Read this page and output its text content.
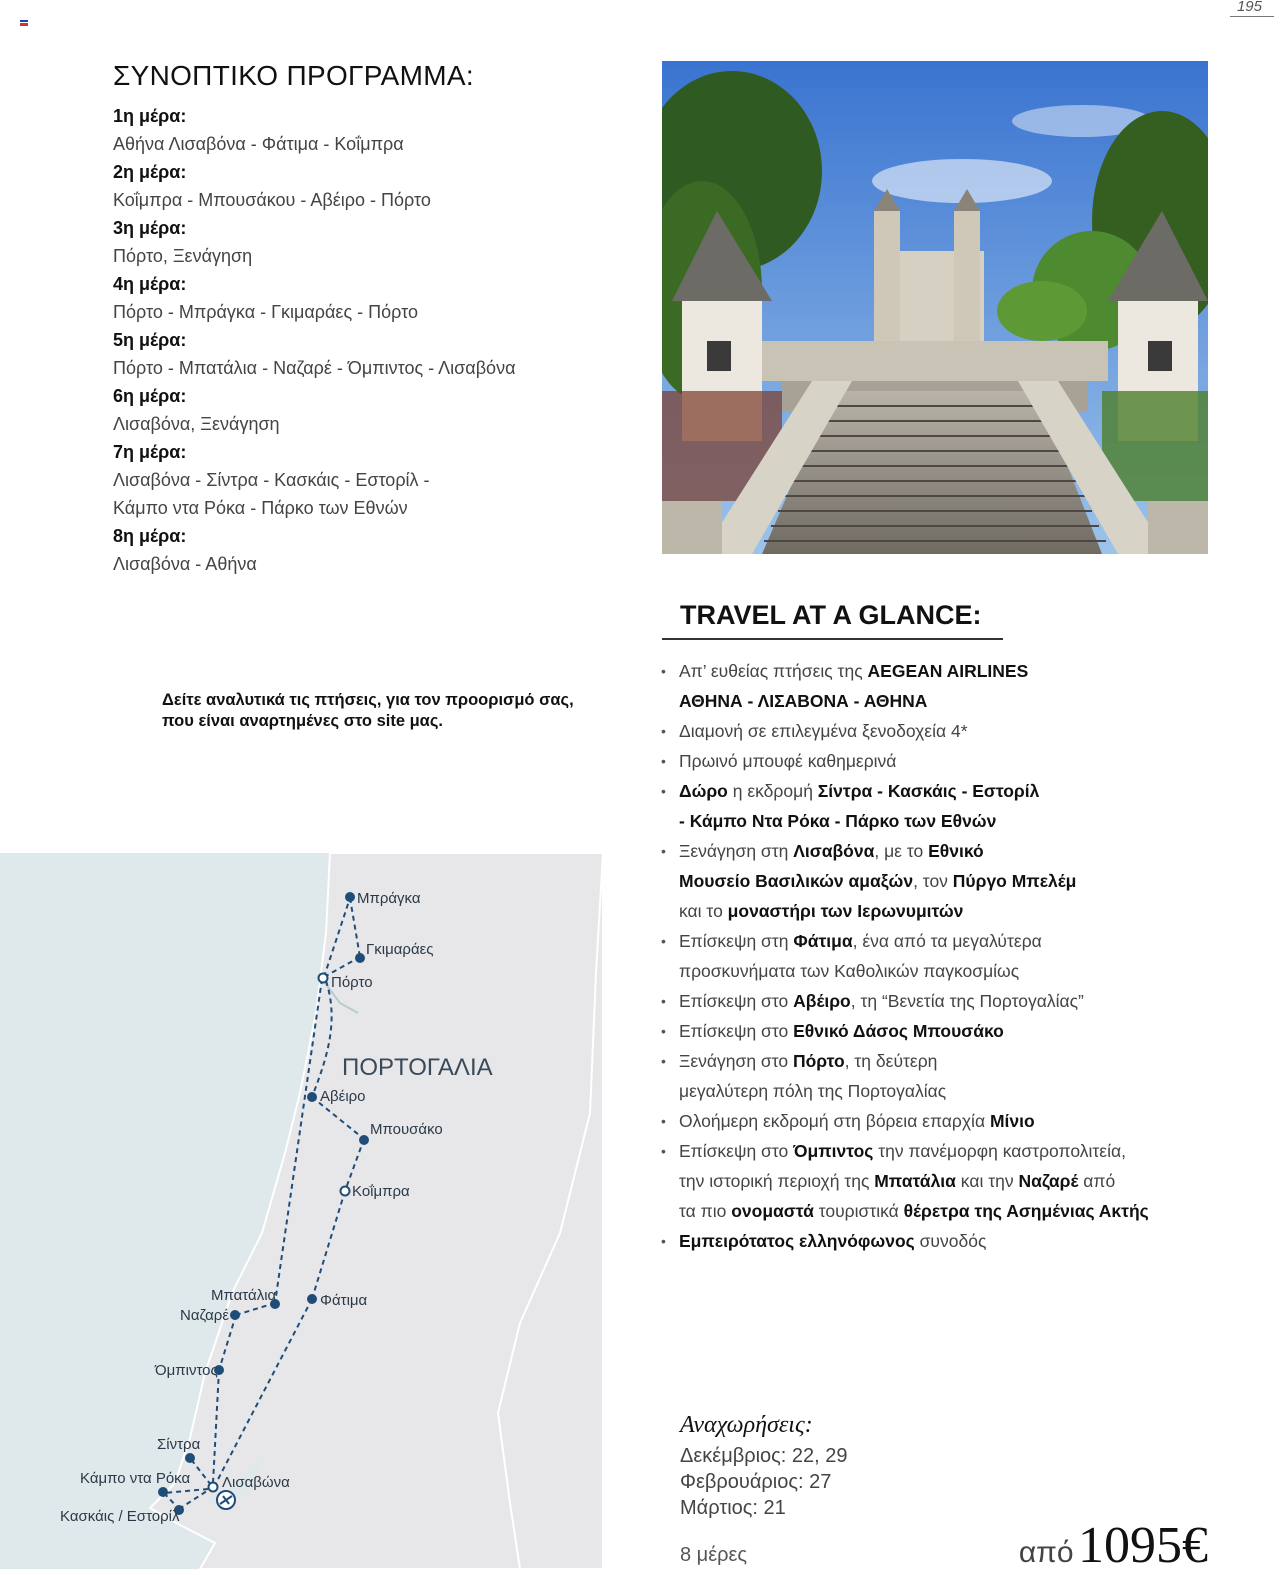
195
ΣΥΝΟΠΤΙΚΟ ΠΡΟΓΡΑΜΜΑ:
1η μέρα:
Αθήνα Λισαβόνα - Φάτιμα - Κοΐμπρα
2η μέρα:
Κοΐμπρα - Μπουσάκου - Αβέιρο - Πόρτο
3η μέρα:
Πόρτο, Ξενάγηση
4η μέρα:
Πόρτο - Μπράγκα - Γκιμαράες - Πόρτο
5η μέρα:
Πόρτο - Μπατάλια - Ναζαρέ - Όμπιντος - Λισαβόνα
6η μέρα:
Λισαβόνα, Ξενάγηση
7η μέρα:
Λισαβόνα - Σίντρα - Κασκάις - Εστορίλ -
Κάμπο ντα Ρόκα - Πάρκο των Εθνών
8η μέρα:
Λισαβόνα - Αθήνα
TRAVEL AT A GLANCE:
• Απ’ ευθείας πτήσεις της AEGEAN AIRLINES
ΑΘΗΝΑ - ΛΙΣΑΒΟΝΑ - ΑΘΗΝΑ
• Διαμονή σε επιλεγμένα ξενοδοχεία 4*
• Πρωινό μπουφέ καθημερινά
• Δώρο η εκδρομή Σίντρα - Κασκάις - Εστορίλ
- Κάμπο Ντα Ρόκα - Πάρκο των Εθνών
• Ξενάγηση στη Λισαβόνα, με το Εθνικό
Μουσείο Βασιλικών αμαξών, τον Πύργο Μπελέμ
και το μοναστήρι των Ιερωνυμιτών
• Επίσκεψη στη Φάτιμα, ένα από τα μεγαλύτερα
προσκυνήματα των Καθολικών παγκοσμίως
• Επίσκεψη στο Αβέιρο, τη “Βενετία της Πορτογαλίας”
• Επίσκεψη στο Εθνικό Δάσος Μπουσάκο
• Ξενάγηση στο Πόρτο, τη δεύτερη
μεγαλύτερη πόλη της Πορτογαλίας
• Ολοήμερη εκδρομή στη βόρεια επαρχία Μίνιο
• Επίσκεψη στο Όμπιντος την πανέμορφη καστροπολιτεία,
την ιστορική περιοχή της Μπατάλια και την Ναζαρέ από
τα πιο ονομαστά τουριστικά θέρετρα της Ασημένιας Ακτής
• Εμπειρότατος ελληνόφωνος συνοδός
Δείτε αναλυτικά τις πτήσεις, για τον προορισμό σας, που είναι αναρτημένες στο site μας.
Μπράγκα
Γκιμαράες
Πόρτο
Αβέιρο
Μπουσάκο
Κοΐμπρα
Μπατάλια
Ναζαρέ
Φάτιμα
Όμπιντος
Σίντρα
Κάμπο ντα Ρόκα Λισαβώνα
Κασκάις / Εστορίλ
ΠΟΡΤΟΓΑΛΙΑ
Αναχωρήσεις:
Δεκέμβριος: 22, 29
Φεβρουάριος: 27
Μάρτιος: 21
8 μέρες	από 1095€
